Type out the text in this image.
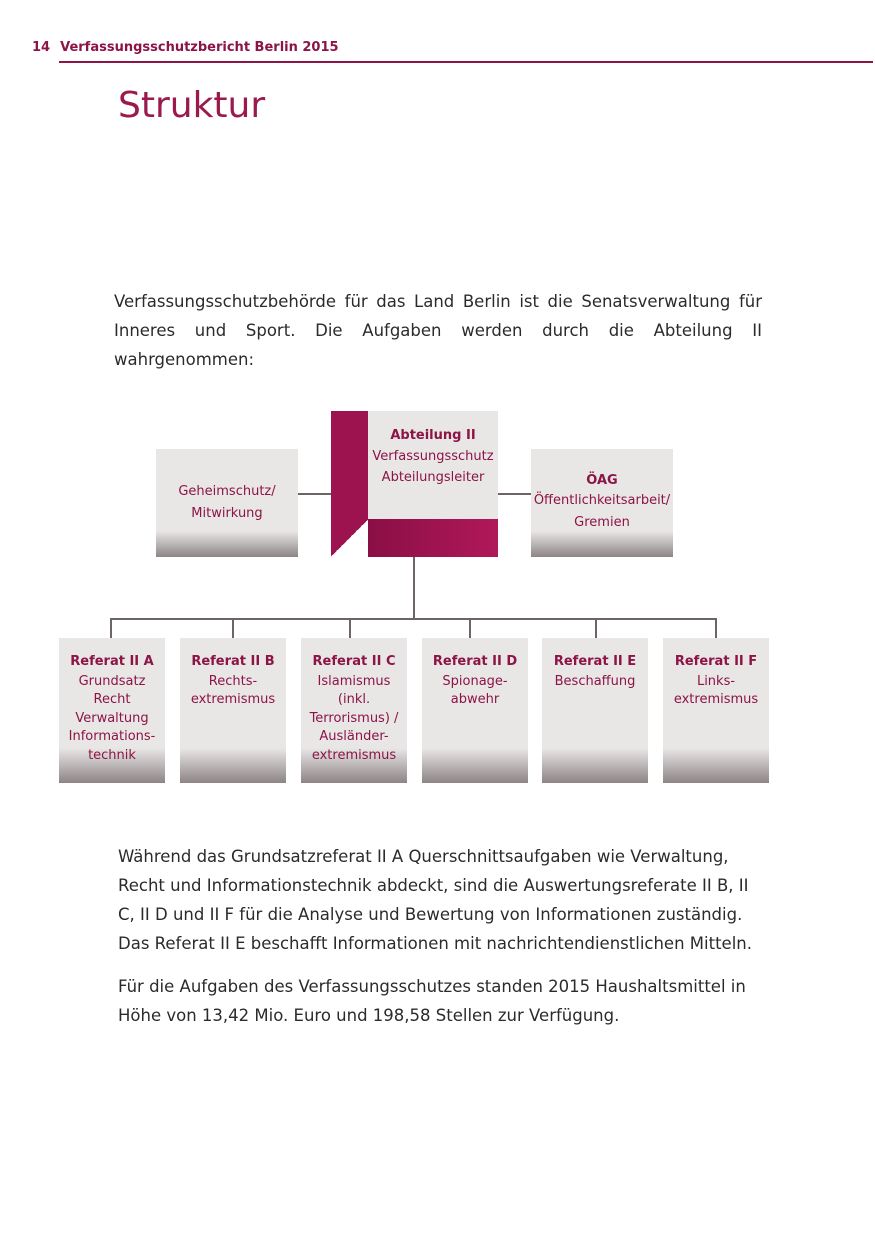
14 Verfassungsschutzbericht Berlin 2015
Struktur

Verfassungsschutzbehörde für das Land Berlin ist die Senatsverwaltung für Inneres und Sport. Die Aufgaben werden durch die Abteilung II wahrgenommen:

Abteilung II
Verfassungsschutz
Abteilungsleiter
Geheimschutz/
Mitwirkung
ÖAG
Öffentlichkeitsarbeit/
Gremien
Referat II A
Grundsatz
Recht
Verwaltung
Informations-
technik
Referat II B
Rechts-
extremismus
Referat II C
Islamismus
(inkl.
Terrorismus) /
Ausländer-
extremismus
Referat II D
Spionage-
abwehr
Referat II E
Beschaffung
Referat II F
Links-
extremismus

Während das Grundsatzreferat II A Querschnittsaufgaben wie Verwaltung, Recht und Informationstechnik abdeckt, sind die Auswertungsreferate II B, II C, II D und II F für die Analyse und Bewertung von Informationen zuständig. Das Referat II E beschafft Informationen mit nachrichtendienstlichen Mitteln.

Für die Aufgaben des Verfassungsschutzes standen 2015 Haushaltsmittel in Höhe von 13,42 Mio. Euro und 198,58 Stellen zur Verfügung.
